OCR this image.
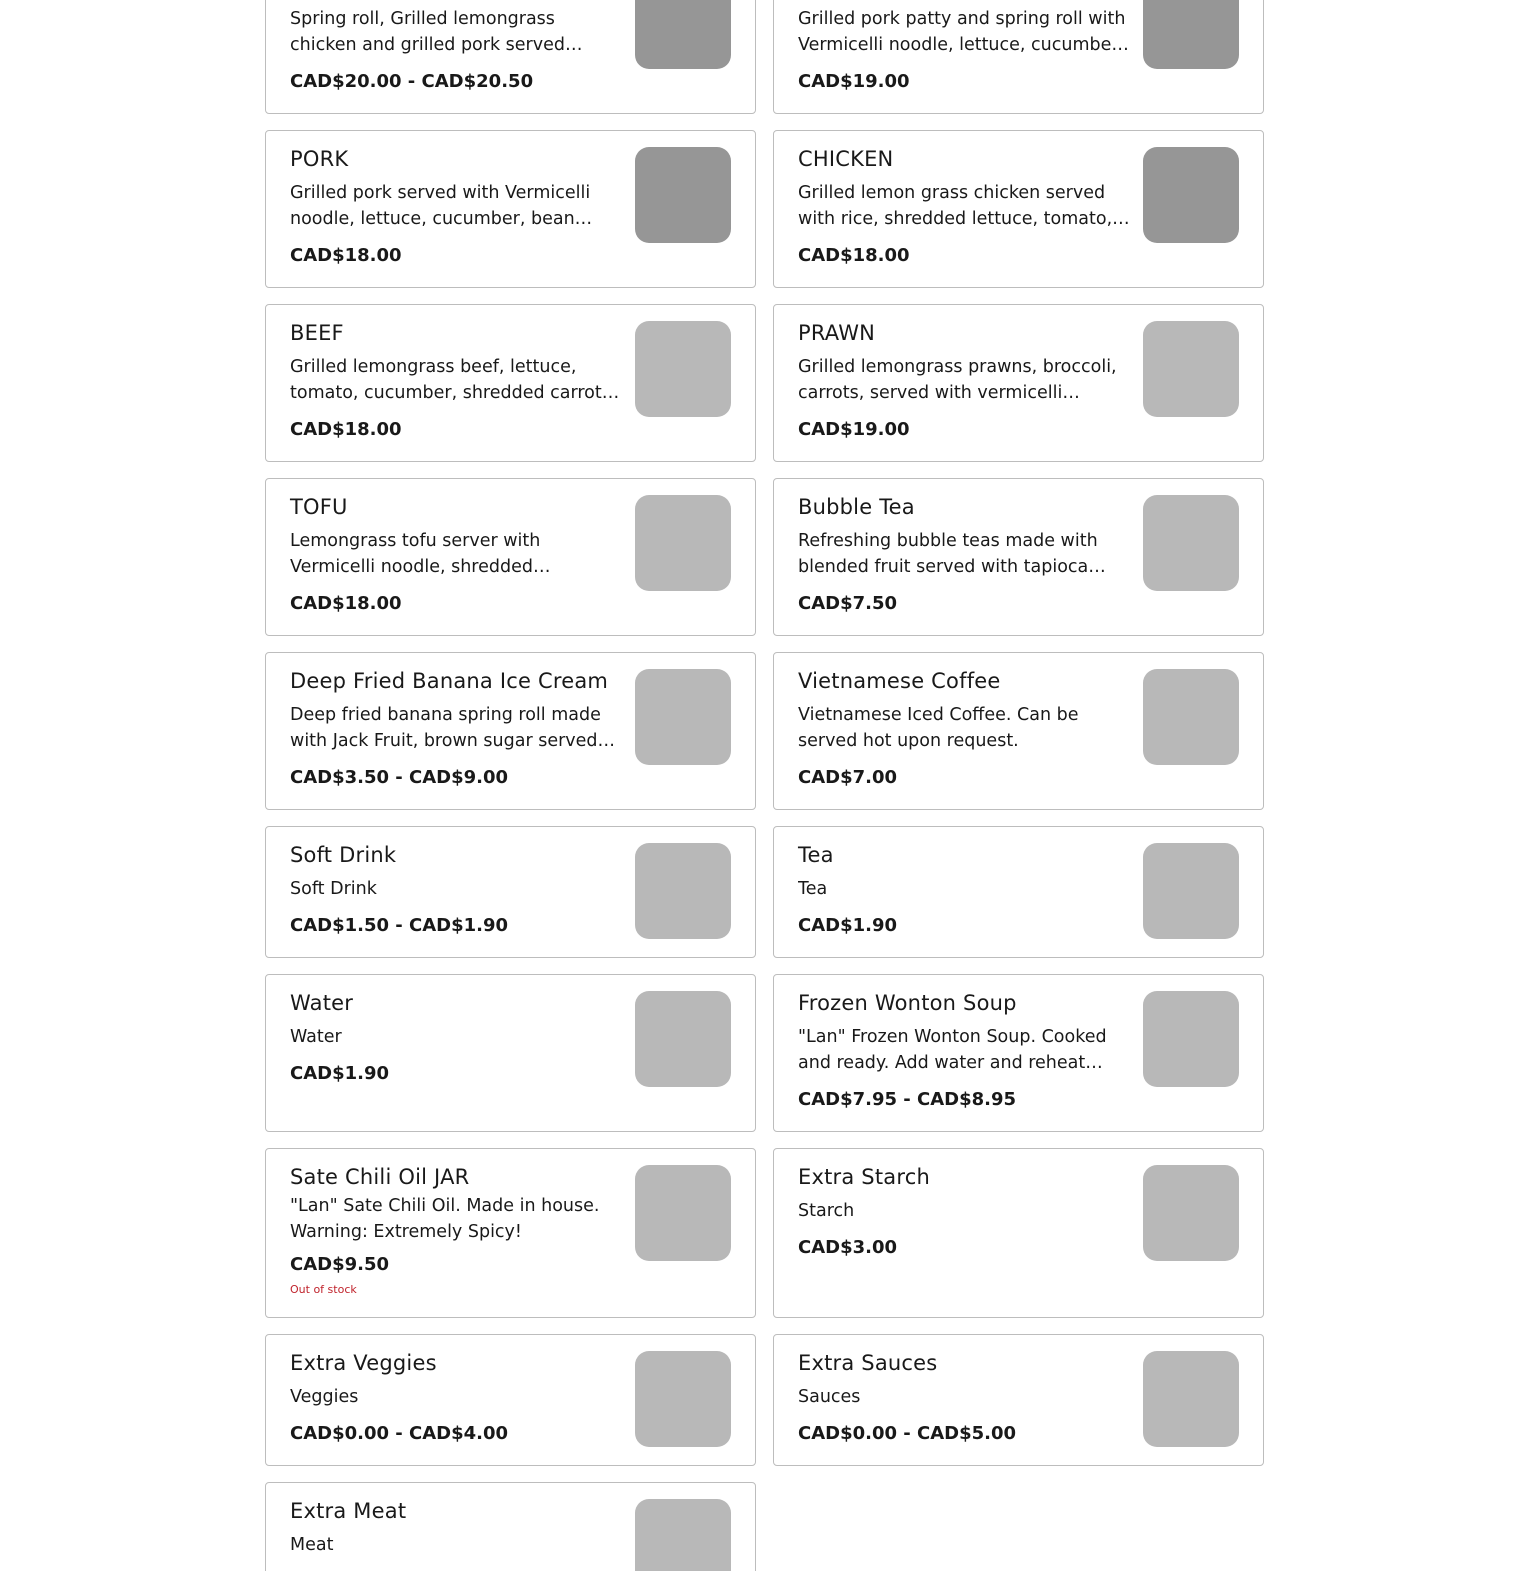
Spring roll, Grilled lemongrass chicken and grilled pork served

CAD$20.00 - CAD$20.50

Grilled pork patty and spring roll with Vermicelli noodle, lettuce, cucumbe…

CAD$19.00
PORK

Grilled pork served with Vermicelli noodle, lettuce, cucumber, bean…

CAD$18.00
CHICKEN

Grilled lemon grass chicken served with rice, shredded lettuce, tomato,…

CAD$18.00
BEEF

Grilled lemongrass beef, lettuce, tomato, cucumber, shredded carrot…

CAD$18.00
PRAWN

Grilled lemongrass prawns, broccoli, carrots, served with vermicelli

CAD$19.00
TOFU

Lemongrass tofu server with Vermicelli noodle, shredded

CAD$18.00
Bubble Tea

Refreshing bubble teas made with blended fruit served with tapioca…

CAD$7.50
Deep Fried Banana Ice Cream

Deep fried banana spring roll made with Jack Fruit, brown sugar served…

CAD$3.50 - CAD$9.00
Vietnamese Coffee

Vietnamese Iced Coffee. Can be served hot upon request.

CAD$7.00
Soft Drink

Soft Drink

CAD$1.50 - CAD$1.90
Tea

Tea

CAD$1.90
Water

Water

CAD$1.90
Frozen Wonton Soup

"Lan" Frozen Wonton Soup. Cooked and ready. Add water and reheat

CAD$7.95 - CAD$8.95
Sate Chili Oil JAR

"Lan" Sate Chili Oil. Made in house. Warning: Extremely Spicy!

CAD$9.50
Out of stock
Extra Starch

Starch

CAD$3.00
Extra Veggies

Veggies

CAD$0.00 - CAD$4.00
Extra Sauces

Sauces

CAD$0.00 - CAD$5.00
Extra Meat

Meat
